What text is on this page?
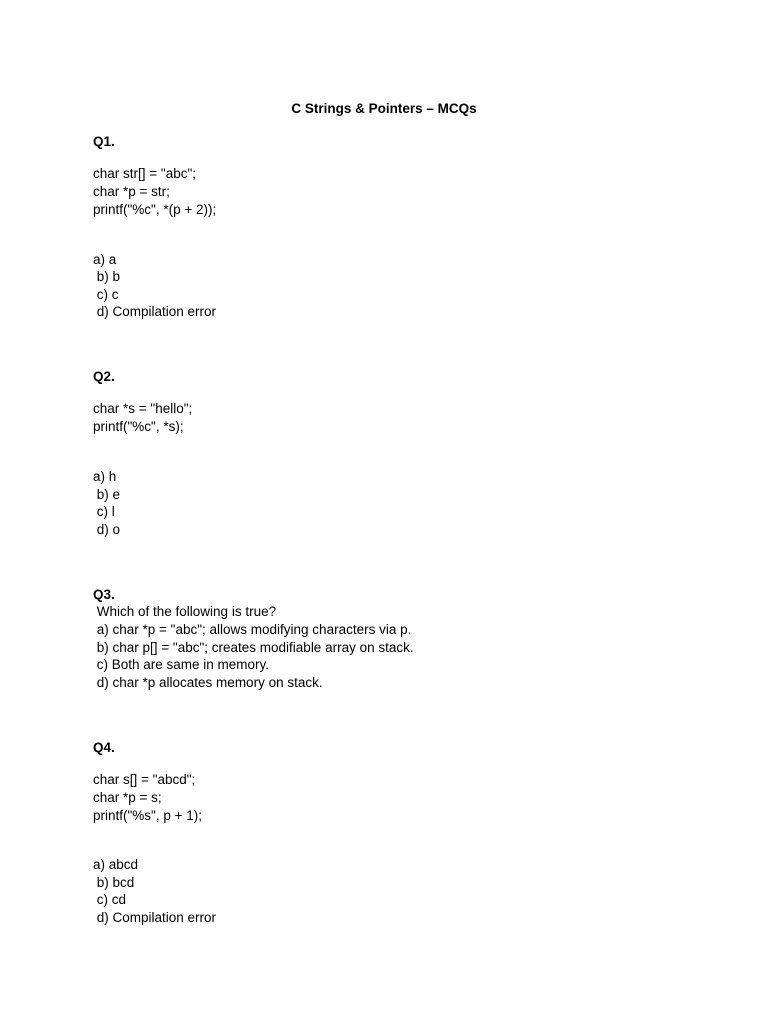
C Strings & Pointers – MCQs
Q1.
char str[] = "abc";
char *p = str;
printf("%c", *(p + 2));
a) a
b) b
c) c
d) Compilation error
Q2.
char *s = "hello";
printf("%c", *s);
a) h
b) e
c) l
d) o
Q3.
Which of the following is true?
a) char *p = "abc"; allows modifying characters via p.
b) char p[] = "abc"; creates modifiable array on stack.
c) Both are same in memory.
d) char *p allocates memory on stack.
Q4.
char s[] = "abcd";
char *p = s;
printf("%s", p + 1);
a) abcd
b) bcd
c) cd
d) Compilation error
